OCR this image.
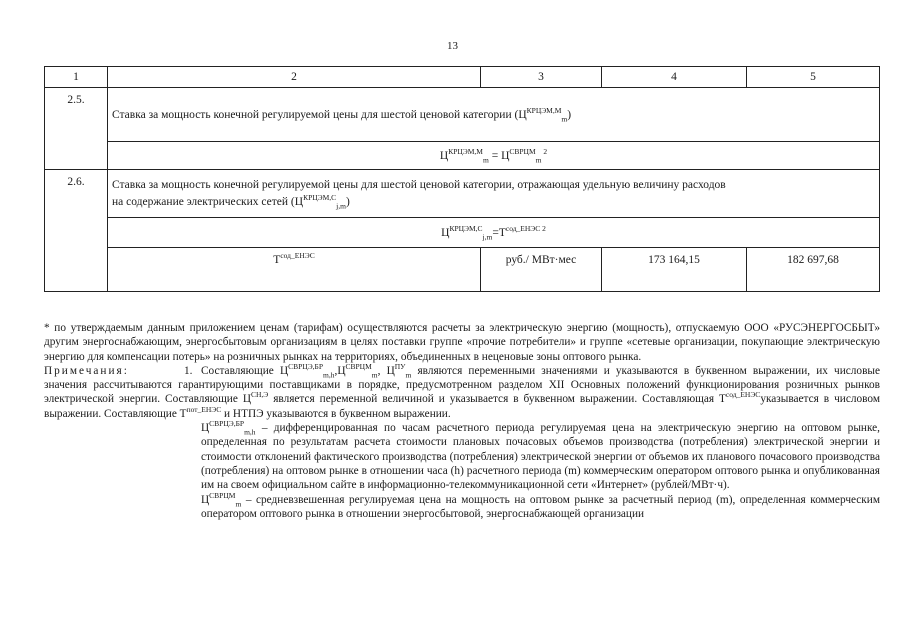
13
1	2	3	4	5
2.5.	Ставка за мощность конечной регулируемой цены для шестой ценовой категории $(Ц^{КРЦЭМ,М}_m)$			
	$Ц^{КРЦЭМ,М}_m = Ц^{СВРЦМ}_m$ $^2$
2.6.	Ставка за мощность конечной регулируемой цены для шестой ценовой категории, отражающая удельную величину расходов
на содержание электрических сетей $(Ц^{КРЦЭМ,С}_{j,m})$			
	$Ц^{КРЦЭМ,С}_{j,m}=Т^{сод\_ЕНЭС}$ $^2$
	$Т^{сод\_ЕНЭС}$	руб./ МВт·мес	173 164,15	182 697,68

* по утверждаемым данным приложением ценам (тарифам) осуществляются расчеты за электрическую энергию (мощность), отпускаемую ООО «РУСЭНЕРГОСБЫТ» другим энергоснабжающим, энергосбытовым организациям в целях поставки группе «прочие потребители» и группе «сетевые организации, покупающие электрическую энергию для компенсации потерь» на розничных рынках на территориях, объединенных в неценовые зоны оптового рынка.

Примечания:	1. Составляющие $Ц^{СВРЦЭ,БР}_{m,h},Ц^{СВРЦМ}_m$, $Ц^{ПУ}_m$ являются переменными значениями и указываются в буквенном выражении, их числовые значения рассчитываются гарантирующими поставщиками в порядке, предусмотренном разделом XII Основных положений функционирования розничных рынков электрической энергии. Составляющие $Ц^{СН,Э}$ является переменной величиной и указывается в буквенном выражении. Составляющая $Т^{сод\_ЕНЭС}указывается$ в числовом выражении. Составляющие $Т^{пот\_ЕНЭС}$ и НТПЭ указываются в буквенном выражении.

$Ц^{СВРЦЭ,БР}_{m,h}$ – дифференцированная по часам расчетного периода регулируемая цена на электрическую энергию на оптовом рынке, определенная по результатам расчета стоимости плановых почасовых объемов производства (потребления) электрической энергии и стоимости отклонений фактического производства (потребления) электрической энергии от объемов их планового почасового производства (потребления) на оптовом рынке в отношении часа (h) расчетного периода (m) коммерческим оператором оптового рынка и опубликованная им на своем официальном сайте в информационно-телекоммуникационной сети «Интернет» (рублей/МВт·ч).

$Ц^{СВРЦМ}_m$ – средневзвешенная регулируемая цена на мощность на оптовом рынке за расчетный период (m), определенная коммерческим оператором оптового рынка в отношении энергосбытовой, энергоснабжающей организации
